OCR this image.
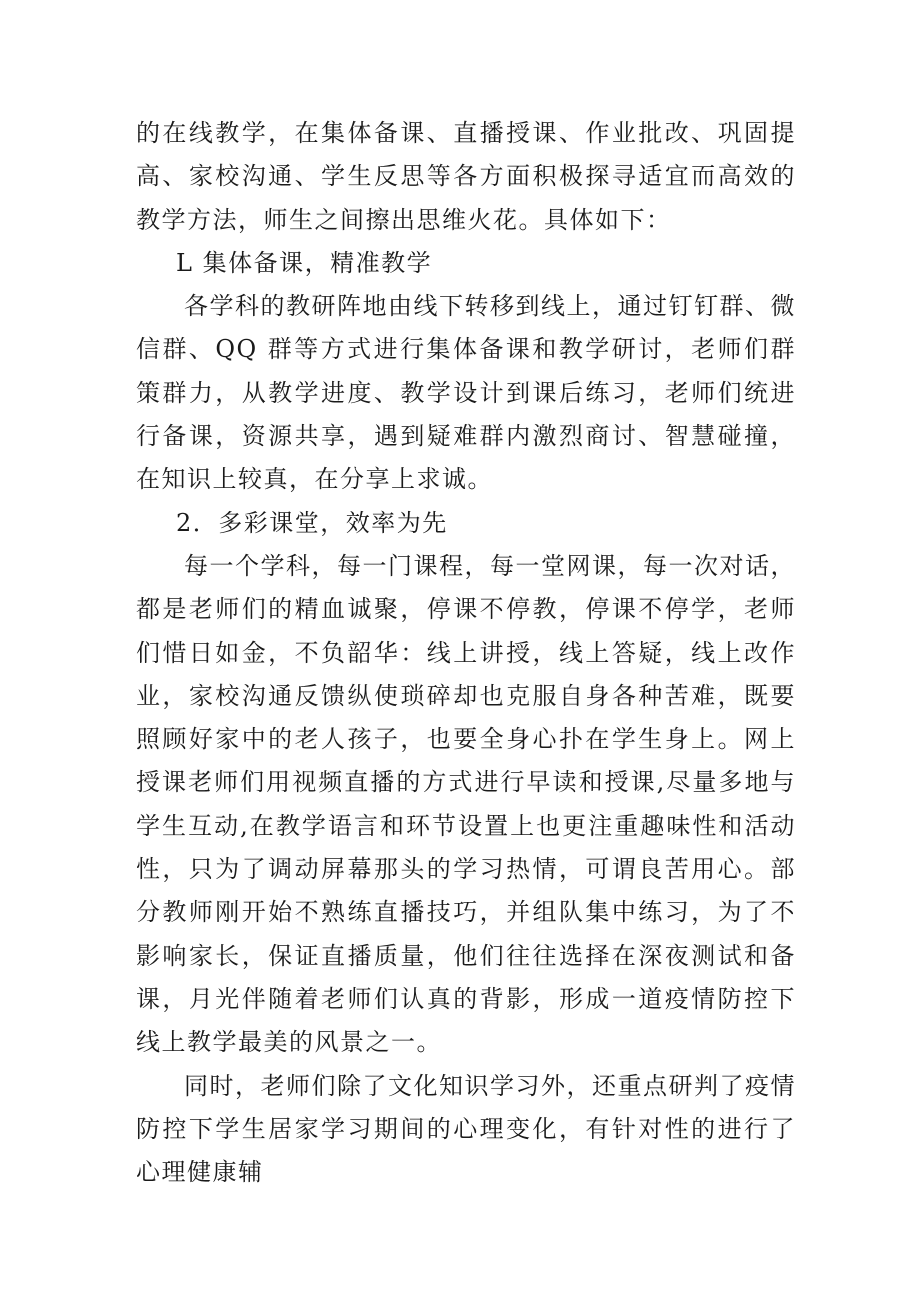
的在线教学，在集体备课、直播授课、作业批改、巩固提高、家校沟通、学生反思等各方面积极探寻适宜而高效的教学方法，师生之间擦出思维火花。具体如下：

L 集体备课，精准教学

各学科的教研阵地由线下转移到线上，通过钉钉群、微信群、QQ 群等方式进行集体备课和教学研讨，老师们群策群力，从教学进度、教学设计到课后练习，老师们统进行备课，资源共享，遇到疑难群内激烈商讨、智慧碰撞，在知识上较真，在分享上求诚。

2．多彩课堂，效率为先

每一个学科，每一门课程，每一堂网课，每一次对话，都是老师们的精血诚聚，停课不停教，停课不停学，老师们惜日如金，不负韶华：线上讲授，线上答疑，线上改作业，家校沟通反馈纵使琐碎却也克服自身各种苦难，既要照顾好家中的老人孩子，也要全身心扑在学生身上。网上授课老师们用视频直播的方式进行早读和授课,尽量多地与学生互动,在教学语言和环节设置上也更注重趣味性和活动性，只为了调动屏幕那头的学习热情，可谓良苦用心。部分教师刚开始不熟练直播技巧，并组队集中练习，为了不影响家长，保证直播质量，他们往往选择在深夜测试和备课，月光伴随着老师们认真的背影，形成一道疫情防控下线上教学最美的风景之一。

同时，老师们除了文化知识学习外，还重点研判了疫情防控下学生居家学习期间的心理变化，有针对性的进行了心理健康辅
